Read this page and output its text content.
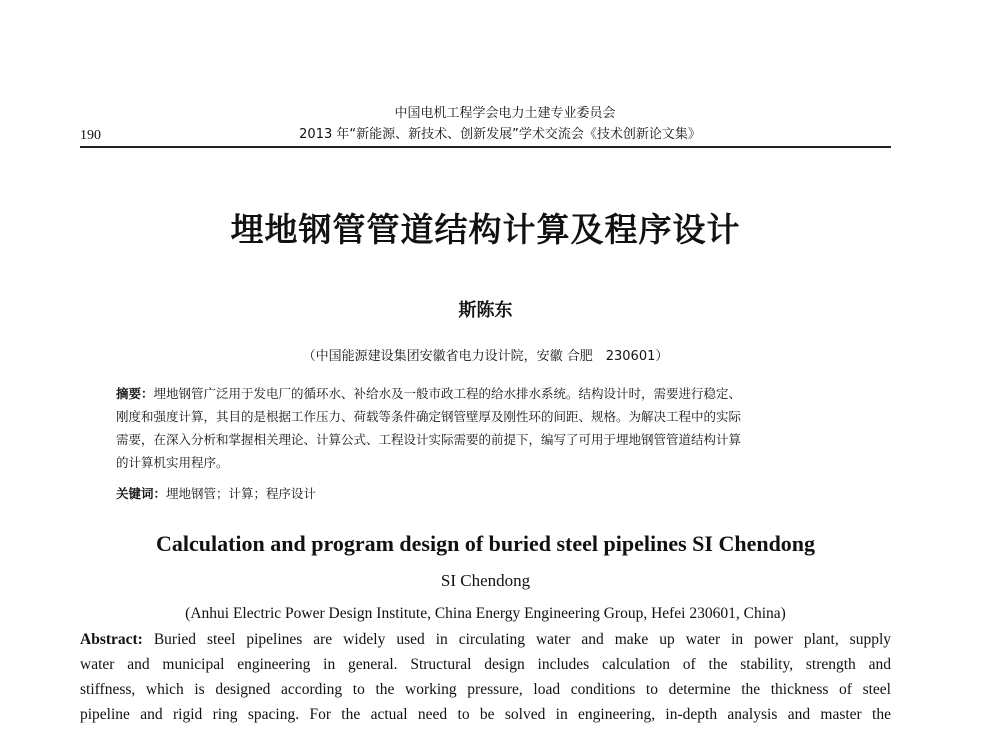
中国电机工程学会电力土建专业委员会
190	2013 年“新能源、新技术、创新发展”学术交流会《技术创新论文集》
埋地钢管管道结构计算及程序设计
斯陈东
（中国能源建设集团安徽省电力设计院，安徽 合肥　230601）

摘要：埋地钢管广泛用于发电厂的循环水、补给水及一般市政工程的给水排水系统。结构设计时，需要进行稳定、
刚度和强度计算，其目的是根据工作压力、荷载等条件确定钢管壁厚及刚性环的间距、规格。为解决工程中的实际
需要，在深入分析和掌握相关理论、计算公式、工程设计实际需要的前提下，编写了可用于埋地钢管管道结构计算
的计算机实用程序。

关键词：埋地钢管；计算；程序设计
Calculation and program design of buried steel pipelines SI Chendong
SI Chendong
(Anhui Electric Power Design Institute, China Energy Engineering Group, Hefei 230601, China)

Abstract: Buried steel pipelines are widely used in circulating water and make up water in power plant, supply
water and municipal engineering in general. Structural design includes calculation of the stability, strength and
stiffness, which is designed according to the working pressure, load conditions to determine the thickness of steel
pipeline and rigid ring spacing. For the actual need to be solved in engineering, in-depth analysis and master the
